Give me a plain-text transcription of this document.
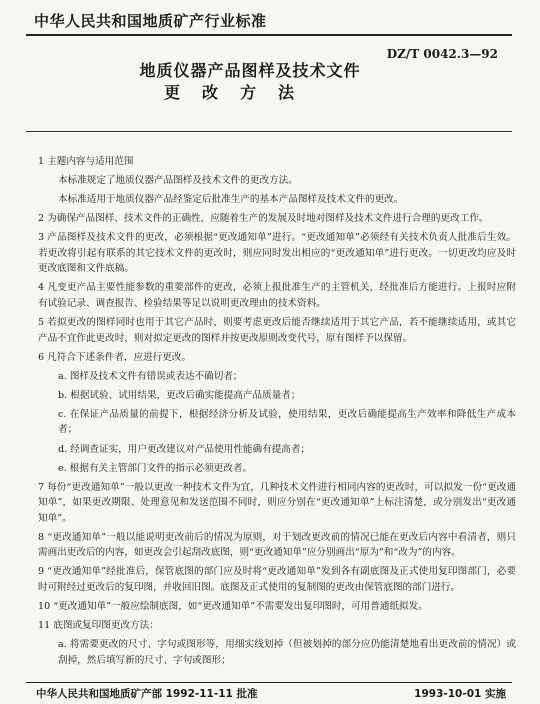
中华人民共和国地质矿产行业标准
DZ/T 0042.3—92
地质仪器产品图样及技术文件
更改方法

1 主题内容与适用范围

本标准规定了地质仪器产品图样及技术文件的更改方法。

本标准适用于地质仪器产品经鉴定后批准生产的基本产品图样及技术文件的更改。

2 为确保产品图样、技术文件的正确性，应随着生产的发展及时地对图样及技术文件进行合理的更改工作。

3 产品图样及技术文件的更改，必须根据“更改通知单”进行。“更改通知单”必须经有关技术负责人批准后生效。若更改将引起有联系的其它技术文件的更改时，则应同时发出相应的“更改通知单”进行更改。一切更改均应及时更改底图和文件底稿。

4 凡变更产品主要性能参数的重要部件的更改，必须上报批准生产的主管机关，经批准后方能进行。上报时应附有试验记录、调查报告、检验结果等足以说明更改理由的技术资料。

5 若拟更改的图样同时也用于其它产品时，则要考虑更改后能否继续适用于其它产品，若不能继续适用，或其它产品不宜作此更改时，则对拟定更改的图样并按更改原则改变代号，原有图样予以保留。

6 凡符合下述条件者，应进行更改。

a. 图样及技术文件有错误或表达不确切者；

b. 根据试验、试用结果，更改后确实能提高产品质量者；

c. 在保证产品质量的前提下，根据经济分析及试验，使用结果，更改后确能提高生产效率和降低生产成本者；

d. 经调查证实，用户更改建议对产品使用性能确有提高者；

e. 根据有关主管部门文件的指示必须更改者。

7 每份“更改通知单”一般以更改一种技术文件为宜，几种技术文件进行相同内容的更改时，可以拟发一份“更改通知单”，如果更改期限、处理意见和发送范围不同时，则应分别在“更改通知单”上标注清楚，或分别发出“更改通知单”。

8 “更改通知单”一般以能说明更改前后的情况为原则，对于划改更改前的情况已能在更改后内容中看清者，则只需画出更改后的内容，如更改会引起刮改底图，则“更改通知单”应分别画出“原为”和“改为”的内容。

9 “更改通知单”经批准后，保管底图的部门应及时将“更改通知单”发到各有副底图及正式使用复印图部门，必要时可附经过更改后的复印图，并收回旧图。底图及正式使用的复制图的更改由保管底图的部门进行。

10 “更改通知单”一般应绘制底图，如“更改通知单”不需要发出复印图时，可用普通纸拟发。

11 底图或复印图更改方法：

a. 将需要更改的尺寸、字句或图形等，用细实线划掉（但被划掉的部分应仍能清楚地看出更改前的情况）或刮掉，然后填写新的尺寸、字句或图形；

中华人民共和国地质矿产部 1992-11-11 批准	1993-10-01 实施
